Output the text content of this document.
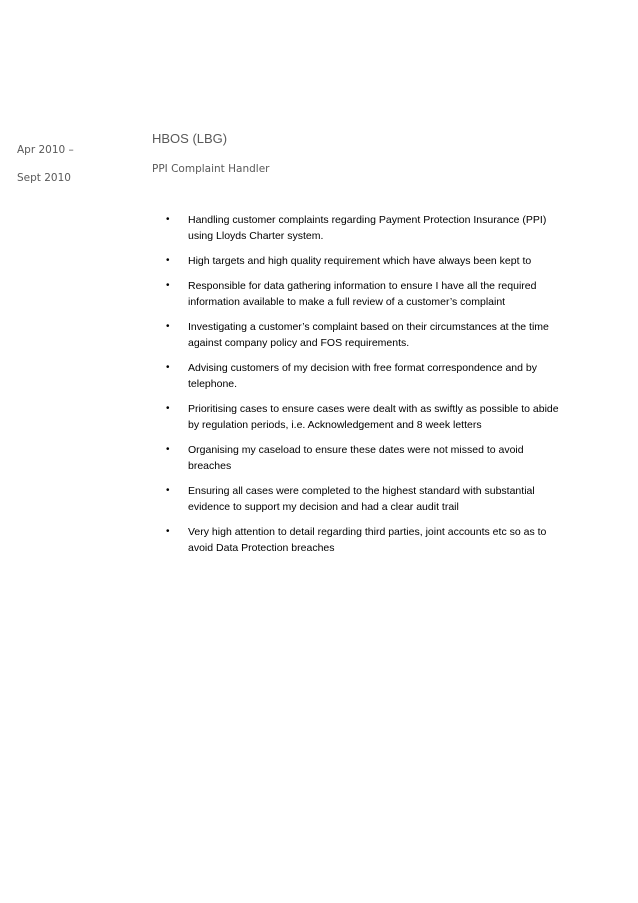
Apr 2010 –
Sept 2010
HBOS (LBG)
PPI Complaint Handler
• Handling customer complaints regarding Payment Protection Insurance (PPI) using Lloyds Charter system.
• High targets and high quality requirement which have always been kept to
• Responsible for data gathering information to ensure I have all the required information available to make a full review of a customer’s complaint
• Investigating a customer’s complaint based on their circumstances at the time against company policy and FOS requirements.
• Advising customers of my decision with free format correspondence and by telephone.
• Prioritising cases to ensure cases were dealt with as swiftly as possible to abide by regulation periods, i.e. Acknowledgement and 8 week letters
• Organising my caseload to ensure these dates were not missed to avoid breaches
• Ensuring all cases were completed to the highest standard with substantial evidence to support my decision and had a clear audit trail
• Very high attention to detail regarding third parties, joint accounts etc so as to avoid Data Protection breaches
